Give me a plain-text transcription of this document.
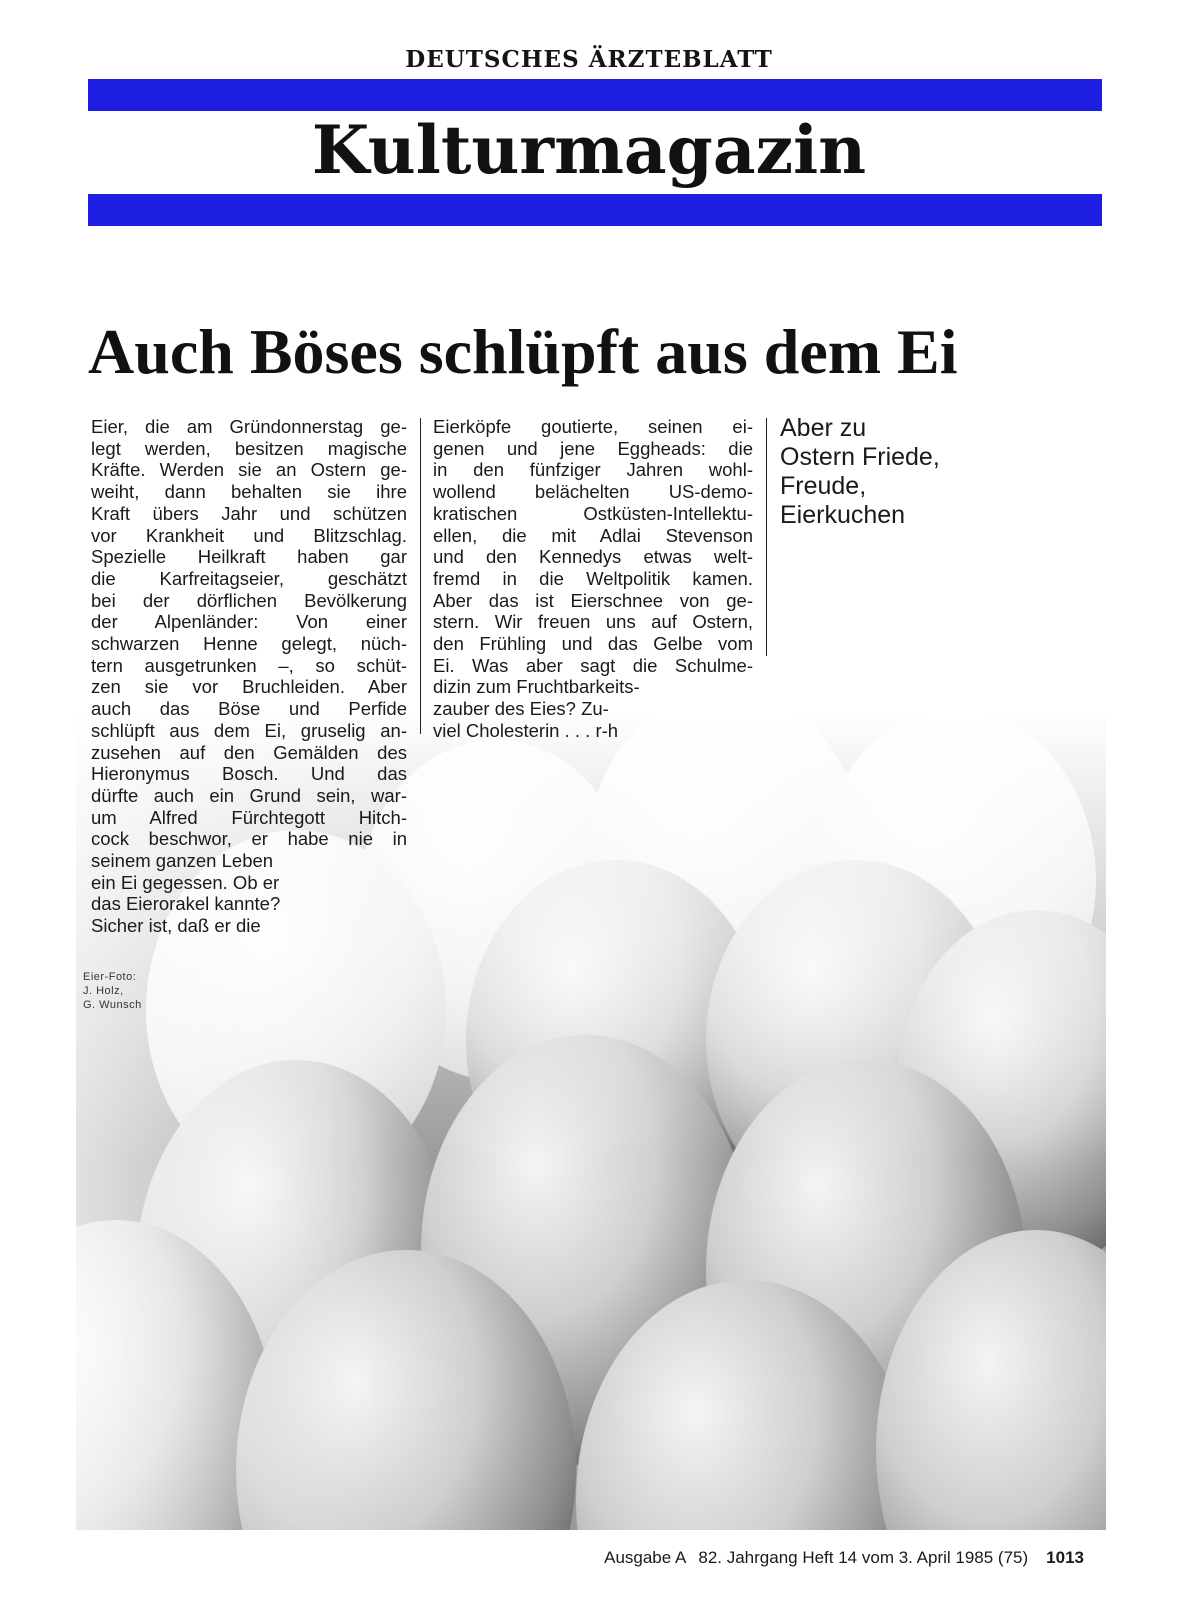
DEUTSCHES ÄRZTEBLATT
Kulturmagazin
Auch Böses schlüpft aus dem Ei
Eier, die am Gründonnerstag ge-
legt werden, besitzen magische
Kräfte. Werden sie an Ostern ge-
weiht, dann behalten sie ihre
Kraft übers Jahr und schützen
vor Krankheit und Blitzschlag.
Spezielle Heilkraft haben gar
die Karfreitagseier, geschätzt
bei der dörflichen Bevölkerung
der Alpenländer: Von einer
schwarzen Henne gelegt, nüch-
tern ausgetrunken –, so schüt-
zen sie vor Bruchleiden. Aber
auch das Böse und Perfide
schlüpft aus dem Ei, gruselig an-
zusehen auf den Gemälden des
Hieronymus Bosch. Und das
dürfte auch ein Grund sein, war-
um Alfred Fürchtegott Hitch-
cock beschwor, er habe nie in
seinem ganzen Leben
ein Ei gegessen. Ob er
das Eierorakel kannte?
Sicher ist, daß er die
Eierköpfe goutierte, seinen ei-
genen und jene Eggheads: die
in den fünfziger Jahren wohl-
wollend belächelten US-demo-
kratischen Ostküsten-Intellektu-
ellen, die mit Adlai Stevenson
und den Kennedys etwas welt-
fremd in die Weltpolitik kamen.
Aber das ist Eierschnee von ge-
stern. Wir freuen uns auf Ostern,
den Frühling und das Gelbe vom
Ei. Was aber sagt die Schulme-
dizin zum Fruchtbarkeits-
zauber des Eies? Zu-
viel Cholesterin . . . r-h
Aber zu
Ostern Friede,
Freude,
Eierkuchen
Eier-Foto:
J. Holz,
G. Wunsch
Ausgabe A 82. Jahrgang Heft 14 vom 3. April 1985 (75) 1013
